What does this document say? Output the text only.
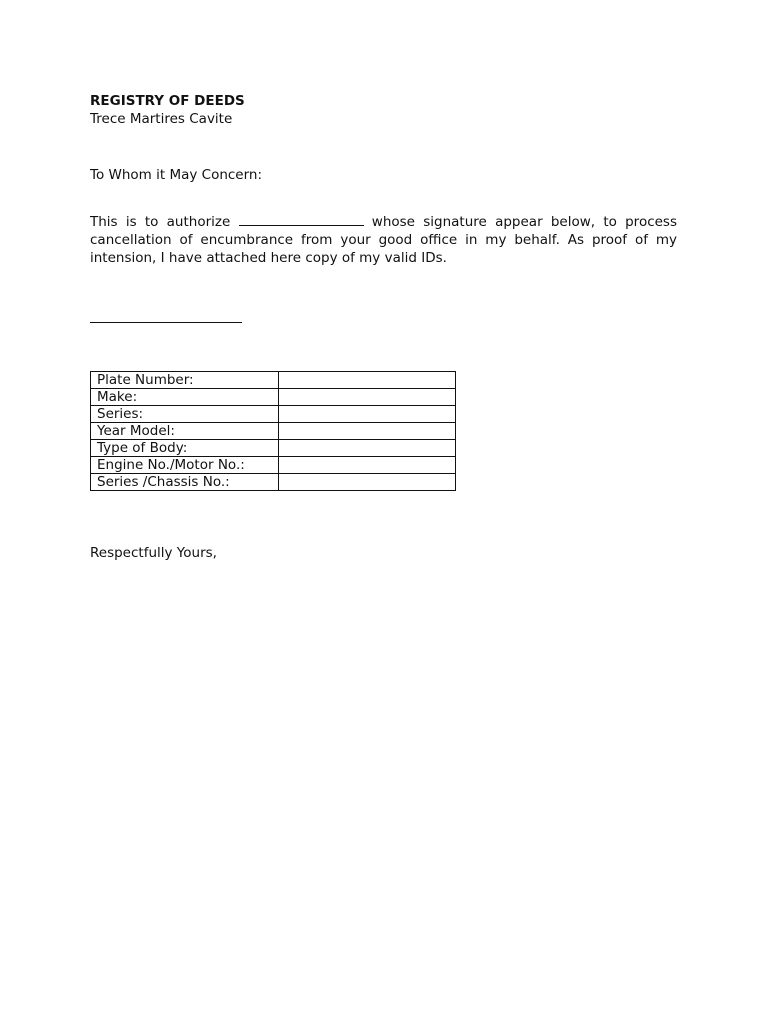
REGISTRY OF DEEDS

Trece Martires Cavite

To Whom it May Concern:

This is to authorize	whose signature appear below, to process cancellation of encumbrance from your good office in my behalf. As proof of my intension, I have attached here copy of my valid IDs.

Plate Number:	
Make:	
Series:	
Year Model:	
Type of Body:	
Engine No./Motor No.:	
Series /Chassis No.:	

Respectfully Yours,
